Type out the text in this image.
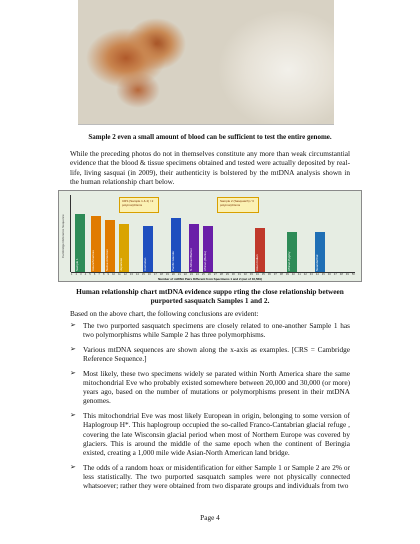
Sample 2 even a small amount of blood can be sufficient to test the entire genome.
While the preceding photos do not in themselves constitute any more than weak circumstantial evidence that the blood & tissue specimens obtained and tested were actually deposited by real-life, living sasquai (in 2009), their authenticity is bolstered by the mtDNA analysis shown in the human relationship chart below.
CRS (Sample 1 & 2) / 2 polymorphisms
Sample 2 (Sasquatch) / 3 polymorphisms
Cambridge Reference Sequence
1 2 3 4 5 6 7 8 9 10 11 12 13 14 15 16 17 18 19 20 21 22 23 24 25 26 27 28 29 30 31 32 33 34 35 36 37 38 39 40 41 42 43 44 45 46 47 48 49 50
Number of mtDNA Pairs Different from Specimens 1 and 2 (out of 16,569)
Sample 1	Asian/Americas	Native American	Japanese	Australian	Pacific Islander	N. African/Berber	African (Bantu)	Asian Indian	African Pygmy	Neanderthal
Human relationship chart mtDNA evidence suppo rting the close relationship between purported sasquatch Samples 1 and 2.
Based on the above chart, the following conclusions are evident:
➢ The two purported sasquatch specimens are closely related to one-another Sample 1 has two polymorphisms while Sample 2 has three polymorphisms.
➢ Various mtDNA sequences are shown along the x-axis as examples. [CRS = Cambridge Reference Sequence.]
➢ Most likely, these two specimens widely se parated within North America share the same mitochondrial Eve who probably existed somewhere between 20,000 and 30,000 (or more) years ago, based on the number of mutations or polymorphisms present in their mtDNA genomes.
➢ This mitochondrial Eve was most likely European in origin, belonging to some version of Haplogroup H*. This haplogroup occupied the so-called Franco-Cantabrian glacial refuge , covering the late Wisconsin glacial period when most of Northern Europe was covered by glaciers. This is around the middle of the same epoch when the continent of Beringia existed, creating a 1,000 mile wide Asian-North American land bridge.
➢ The odds of a random hoax or misidentification for either Sample 1 or Sample 2 are 2% or less statistically. The two purported sasquatch samples were not physically connected whatsoever; rather they were obtained from two disparate groups and individuals from two
Page 4
